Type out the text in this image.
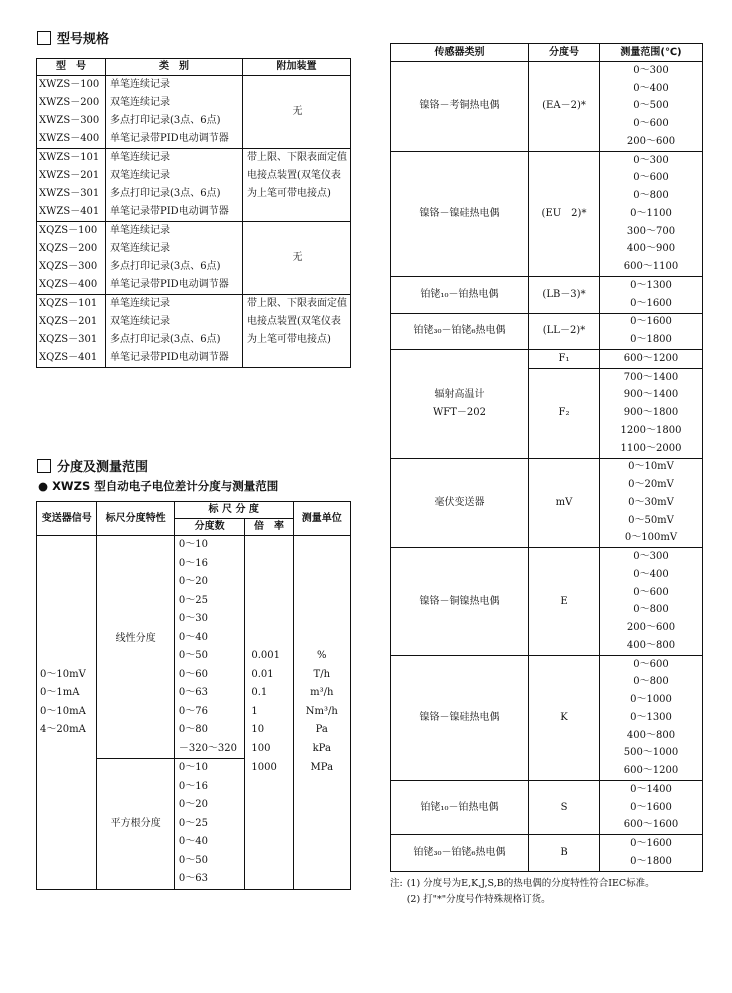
型号规格
型　号	类　别	附加装置
XWZS－100	单笔连续记录	无
XWZS－200	双笔连续记录	
XWZS－300	多点打印记录(3点、6点)	
XWZS－400	单笔记录带PID电动调节器	
XWZS－101	单笔连续记录	带上限、下限表面定值电接点装置(双笔仪表为上笔可带电接点)
XWZS－201	双笔连续记录	
XWZS－301	多点打印记录(3点、6点)	
XWZS－401	单笔记录带PID电动调节器	
XQZS－100	单笔连续记录	无
XQZS－200	双笔连续记录	
XQZS－300	多点打印记录(3点、6点)	
XQZS－400	单笔记录带PID电动调节器	
XQZS－101	单笔连续记录	带上限、下限表面定值电接点装置(双笔仪表为上笔可带电接点)
XQZS－201	双笔连续记录	
XQZS－301	多点打印记录(3点、6点)	
XQZS－401	单笔记录带PID电动调节器	
分度及测量范围
● XWZS 型自动电子电位差计分度与测量范围
变送器信号	标尺分度特性	标 尺 分 度		测量单位
		分度数	倍　率	
	线性分度	0～10		
		0～16		
		0～20		
		0～25		
		0～30		
		0～40		
		0～50	0.001	%
0～10mV		0～60	0.01	T/h
0～1mA		0～63	0.1	m³/h
0～10mA		0～76	1	Nm³/h
4～20mA		0～80	10	Pa
		－320～320	100	kPa
	平方根分度	0～10	1000	MPa
		0～16		
		0～20		
		0～25		
		0～40		
		0～50		
		0～63		
传感器类别	分度号	测量范围(℃)
镍铬－考铜热电偶	(EA－2)*	0～300
		0～400
		0～500
		0～600
		200～600
镍铬－镍硅热电偶	(EU　2)*	0～300
		0～600
		0～800
		0～1100
		300～700
		400～900
		600～1100
铂铑₁₀－铂热电偶	(LB－3)*	0～1300
		0～1600
铂铑₃₀－铂铑₆热电偶	(LL－2)*	0～1600
		0～1800

辐射高温计
WFT－202	F₁	600～1200
	F₂	700～1400
		900～1400
		900～1800
		1200～1800
		1100～2000
毫伏变送器	mV	0～10mV
		0～20mV
		0～30mV
		0～50mV
		0～100mV
镍铬－铜镍热电偶	E	0～300
		0～400
		0～600
		0～800
		200～600
		400～800
镍铬－镍硅热电偶	K	0～600
		0～800
		0～1000
		0～1300
		400～800
		500～1000
		600～1200
铂铑₁₀－铂热电偶	S	0～1400
		0～1600
		600～1600
铂铑₃₀－铂铑₆热电偶	B	0～1600
		0～1800
注: (1) 分度号为E,K,J,S,B的热电偶的分度特性符合IEC标准。
(2) 打"*"分度号作特殊规格订货。
